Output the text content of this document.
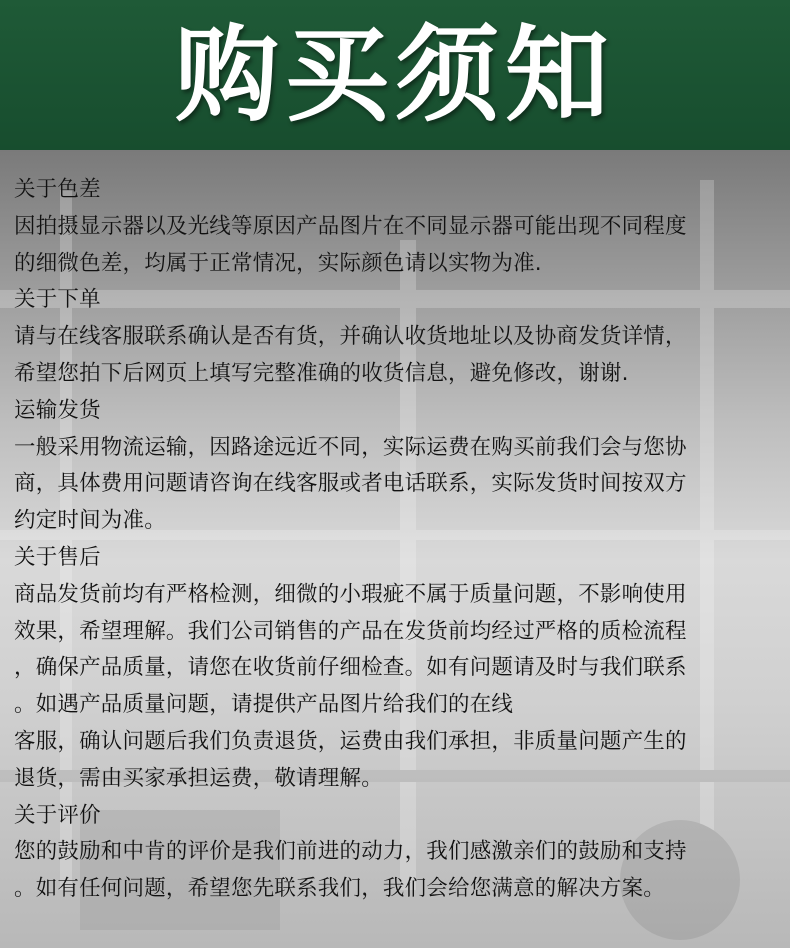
购买须知
关于色差
因拍摄显示器以及光线等原因产品图片在不同显示器可能出现不同程度
的细微色差，均属于正常情况，实际颜色请以实物为准.
关于下单
请与在线客服联系确认是否有货，并确认收货地址以及协商发货详情，
希望您拍下后网页上填写完整准确的收货信息，避免修改，谢谢.
运输发货
一般采用物流运输，因路途远近不同，实际运费在购买前我们会与您协
商，具体费用问题请咨询在线客服或者电话联系，实际发货时间按双方
约定时间为准。
关于售后
商品发货前均有严格检测，细微的小瑕疵不属于质量问题，不影响使用
效果，希望理解。我们公司销售的产品在发货前均经过严格的质检流程
，确保产品质量，请您在收货前仔细检查。如有问题请及时与我们联系
。如遇产品质量问题，请提供产品图片给我们的在线
客服，确认问题后我们负责退货，运费由我们承担，非质量问题产生的
退货，需由买家承担运费，敬请理解。
关于评价
您的鼓励和中肯的评价是我们前进的动力，我们感激亲们的鼓励和支持
。如有任何问题，希望您先联系我们，我们会给您满意的解决方案。
